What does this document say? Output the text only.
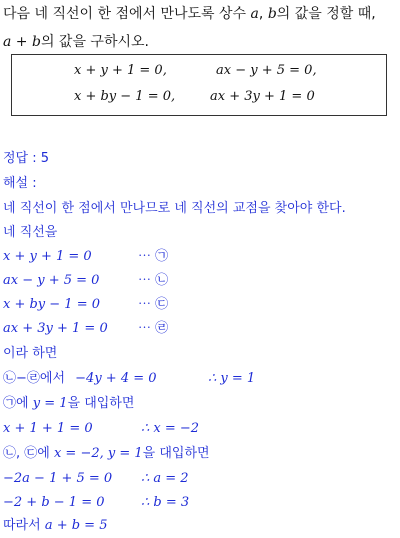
다음 네 직선이 한 점에서 만나도록 상수 a, b의 값을 정할 때,
a + b의 값을 구하시오.
x + y + 1 = 0,	ax − y + 5 = 0,
x + by − 1 = 0,	ax + 3y + 1 = 0
정답 : 5
해설 :
네 직선이 한 점에서 만나므로 네 직선의 교점을 찾아야 한다.
네 직선을
x + y + 1 = 0	⋯ ㉠
ax − y + 5 = 0	⋯ ㉡
x + by − 1 = 0	⋯ ㉢
ax + 3y + 1 = 0 ⋯ ㉣
이라 하면
㉡−㉣에서 −4y + 4 = 0	∴ y = 1
㉠에 y = 1을 대입하면
x + 1 + 1 = 0	∴ x = −2
㉡, ㉢에 x = −2, y = 1을 대입하면
−2a − 1 + 5 = 0 ∴ a = 2
−2 + b − 1 = 0	∴ b = 3
따라서 a + b = 5
